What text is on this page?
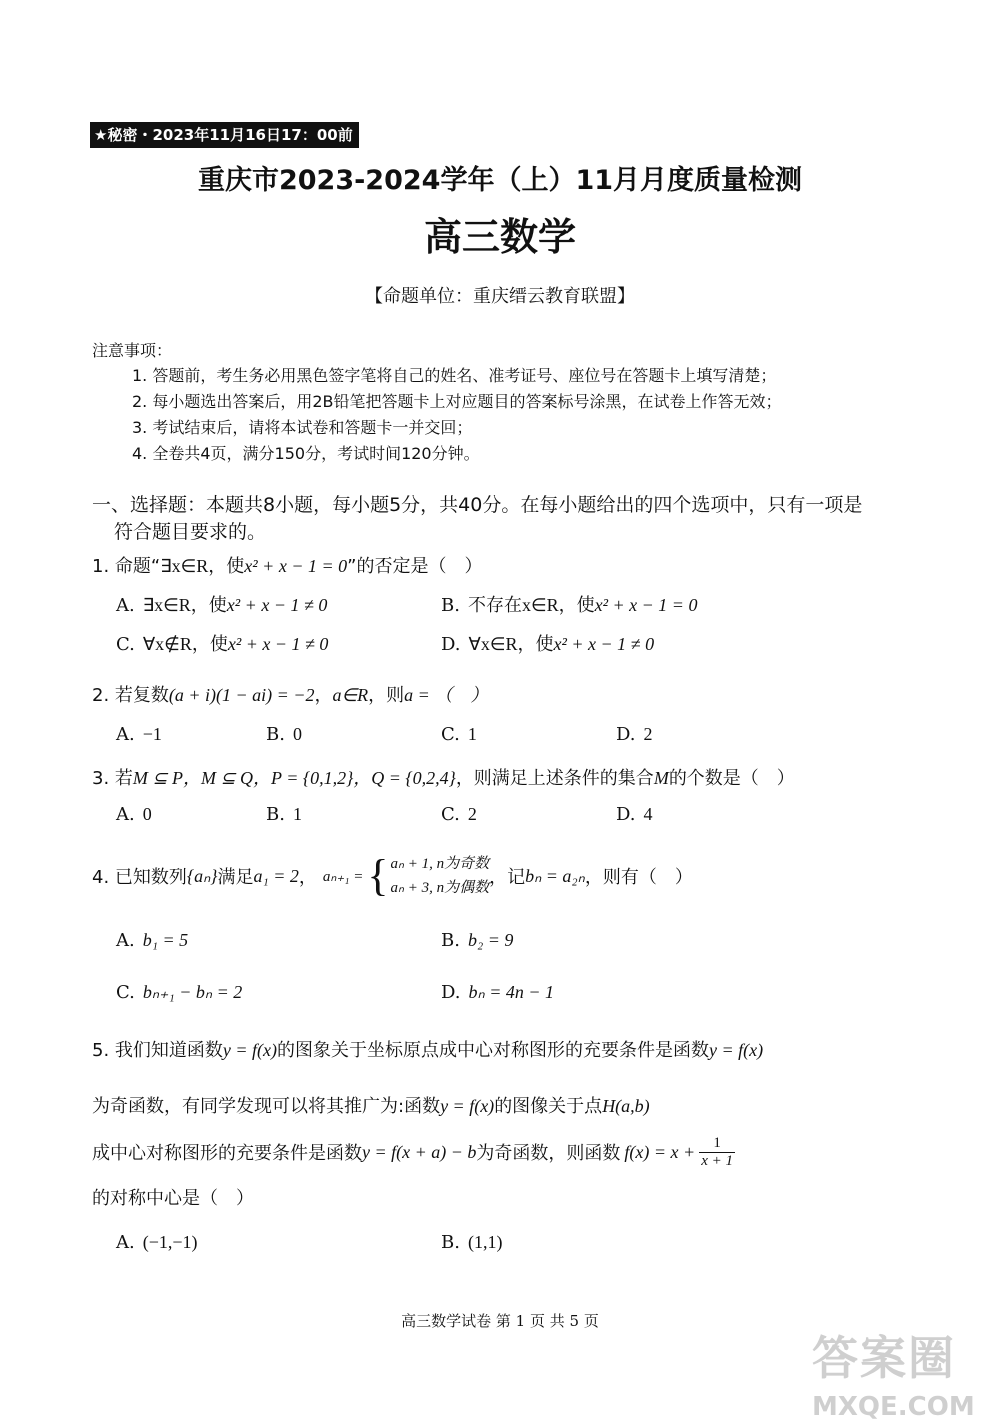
★秘密・2023年11月16日17：00前
重庆市2023-2024学年（上）11月月度质量检测
高三数学
【命题单位：重庆缙云教育联盟】
注意事项：
1. 答题前，考生务必用黑色签字笔将自己的姓名、准考证号、座位号在答题卡上填写清楚；
2. 每小题选出答案后，用2B铅笔把答题卡上对应题目的答案标号涂黑，在试卷上作答无效；
3. 考试结束后，请将本试卷和答题卡一并交回；
4. 全卷共4页，满分150分，考试时间120分钟。
一、选择题：本题共8小题，每小题5分，共40分。在每小题给出的四个选项中，只有一项是
符合题目要求的。
1. 命题“∃x∈R，使x² + x − 1 = 0”的否定是（　）
A. ∃x∈R，使x² + x − 1 ≠ 0	B. 不存在x∈R，使x² + x − 1 = 0
C. ∀x∉R，使x² + x − 1 ≠ 0	D. ∀x∈R，使x² + x − 1 ≠ 0
2. 若复数(a + i)(1 − ai) = −2，a∈R，则a = （　）
A. −1	B. 0	C. 1	D. 2
3. 若M ⊆ P，M ⊆ Q，P = {0,1,2}，Q = {0,2,4}，则满足上述条件的集合M的个数是（　）
A. 0	B. 1	C. 2	D. 4
4. 已知数列 {aₙ} 满足 a₁ = 2 ， aₙ₊₁ = { aₙ + 1, n为奇数
aₙ + 3, n为偶数 ，记 bₙ = a₂ₙ ，则有（　）
A. b₁ = 5	B. b₂ = 9
C. bₙ₊₁ − bₙ = 2	D. bₙ = 4n − 1
5. 我们知道函数y = f(x)的图象关于坐标原点成中心对称图形的充要条件是函数y = f(x)
为奇函数，有同学发现可以将其推广为:函数y = f(x)的图像关于点H(a,b)
成中心对称图形的充要条件是函数 y = f(x + a) − b 为奇函数，则函数 $f(x) = x + \frac{1}{x + 1}$
的对称中心是（　）
A. (−1,−1)	B. (1,1)
高三数学试卷 第 1 页 共 5 页
答案圈
MXQE.COM
